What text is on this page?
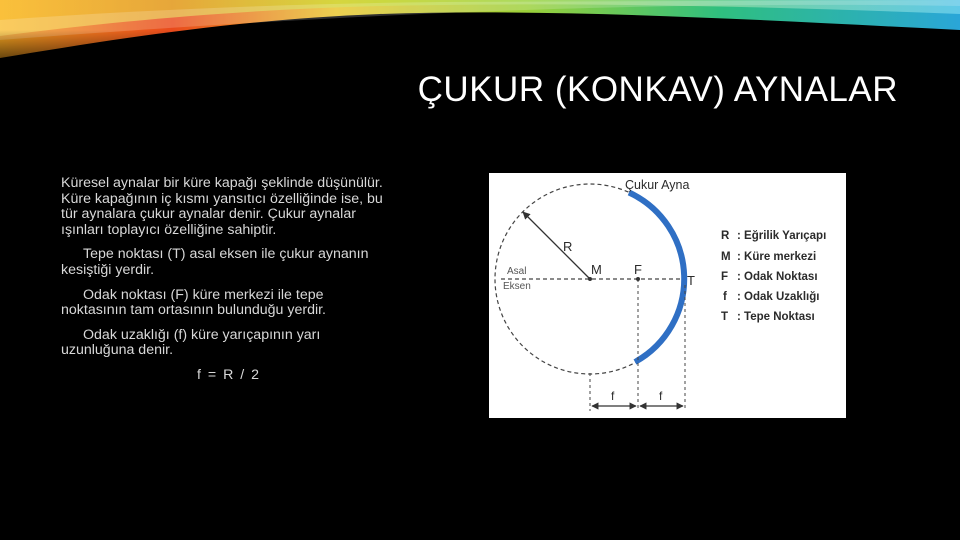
ÇUKUR (KONKAV) AYNALAR

Küresel aynalar bir küre kapağı şeklinde düşünülür. Küre kapağının iç kısmı yansıtıcı özelliğinde ise, bu tür aynalara çukur aynalar denir. Çukur aynalar ışınları toplayıcı özelliğine sahiptir.

Tepe noktası (T) asal eksen ile çukur aynanın kesiştiği yerdir.

Odak noktası (F) küre merkezi ile tepe noktasının tam ortasının bulunduğu yerdir.

Odak uzaklığı (f) küre yarıçapının yarı uzunluğuna denir.

f = R / 2

Çukur Ayna
Asal
Eksen
R
M F
T
f	f
R : Eğrilik Yarıçapı
M : Küre merkezi
F : Odak Noktası
f : Odak Uzaklığı
T : Tepe Noktası
